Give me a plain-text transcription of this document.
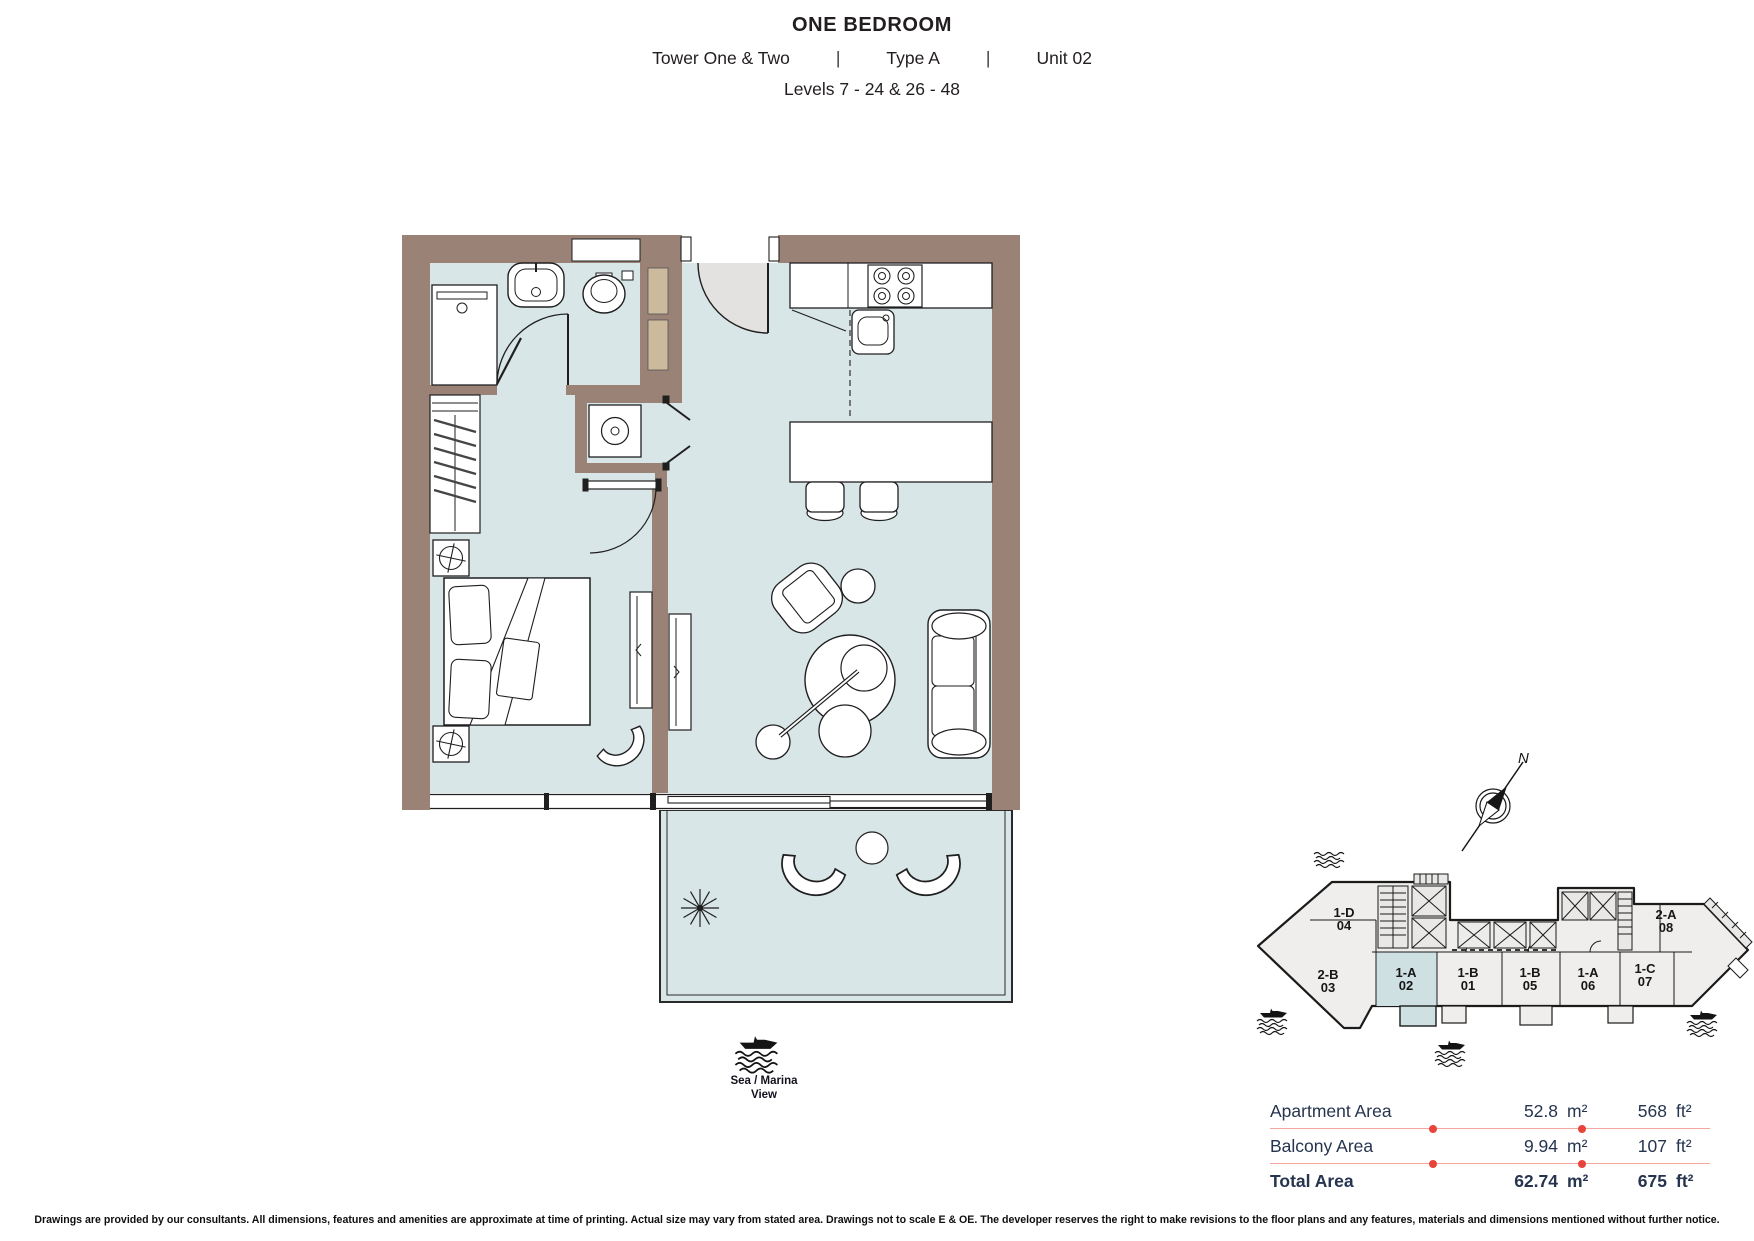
ONE BEDROOM
Tower One & Two	|	Type A	|	Unit 02
Levels 7 - 24 & 26 - 48
1-D
04
2-B
03
1-A
02
1-B
01
1-B
05
1-A
06
1-C
07
2-A
08
N
Sea / Marina
View
Apartment Area	52.8 m²	568 ft²
Balcony Area	9.94 m²	107 ft²
Total Area	62.74 m²	675 ft²
Drawings are provided by our consultants. All dimensions, features and amenities are approximate at time of printing. Actual size may vary from stated area. Drawings not to scale E & OE. The developer reserves the right to make revisions to the floor plans and any features, materials and dimensions mentioned without further notice.
